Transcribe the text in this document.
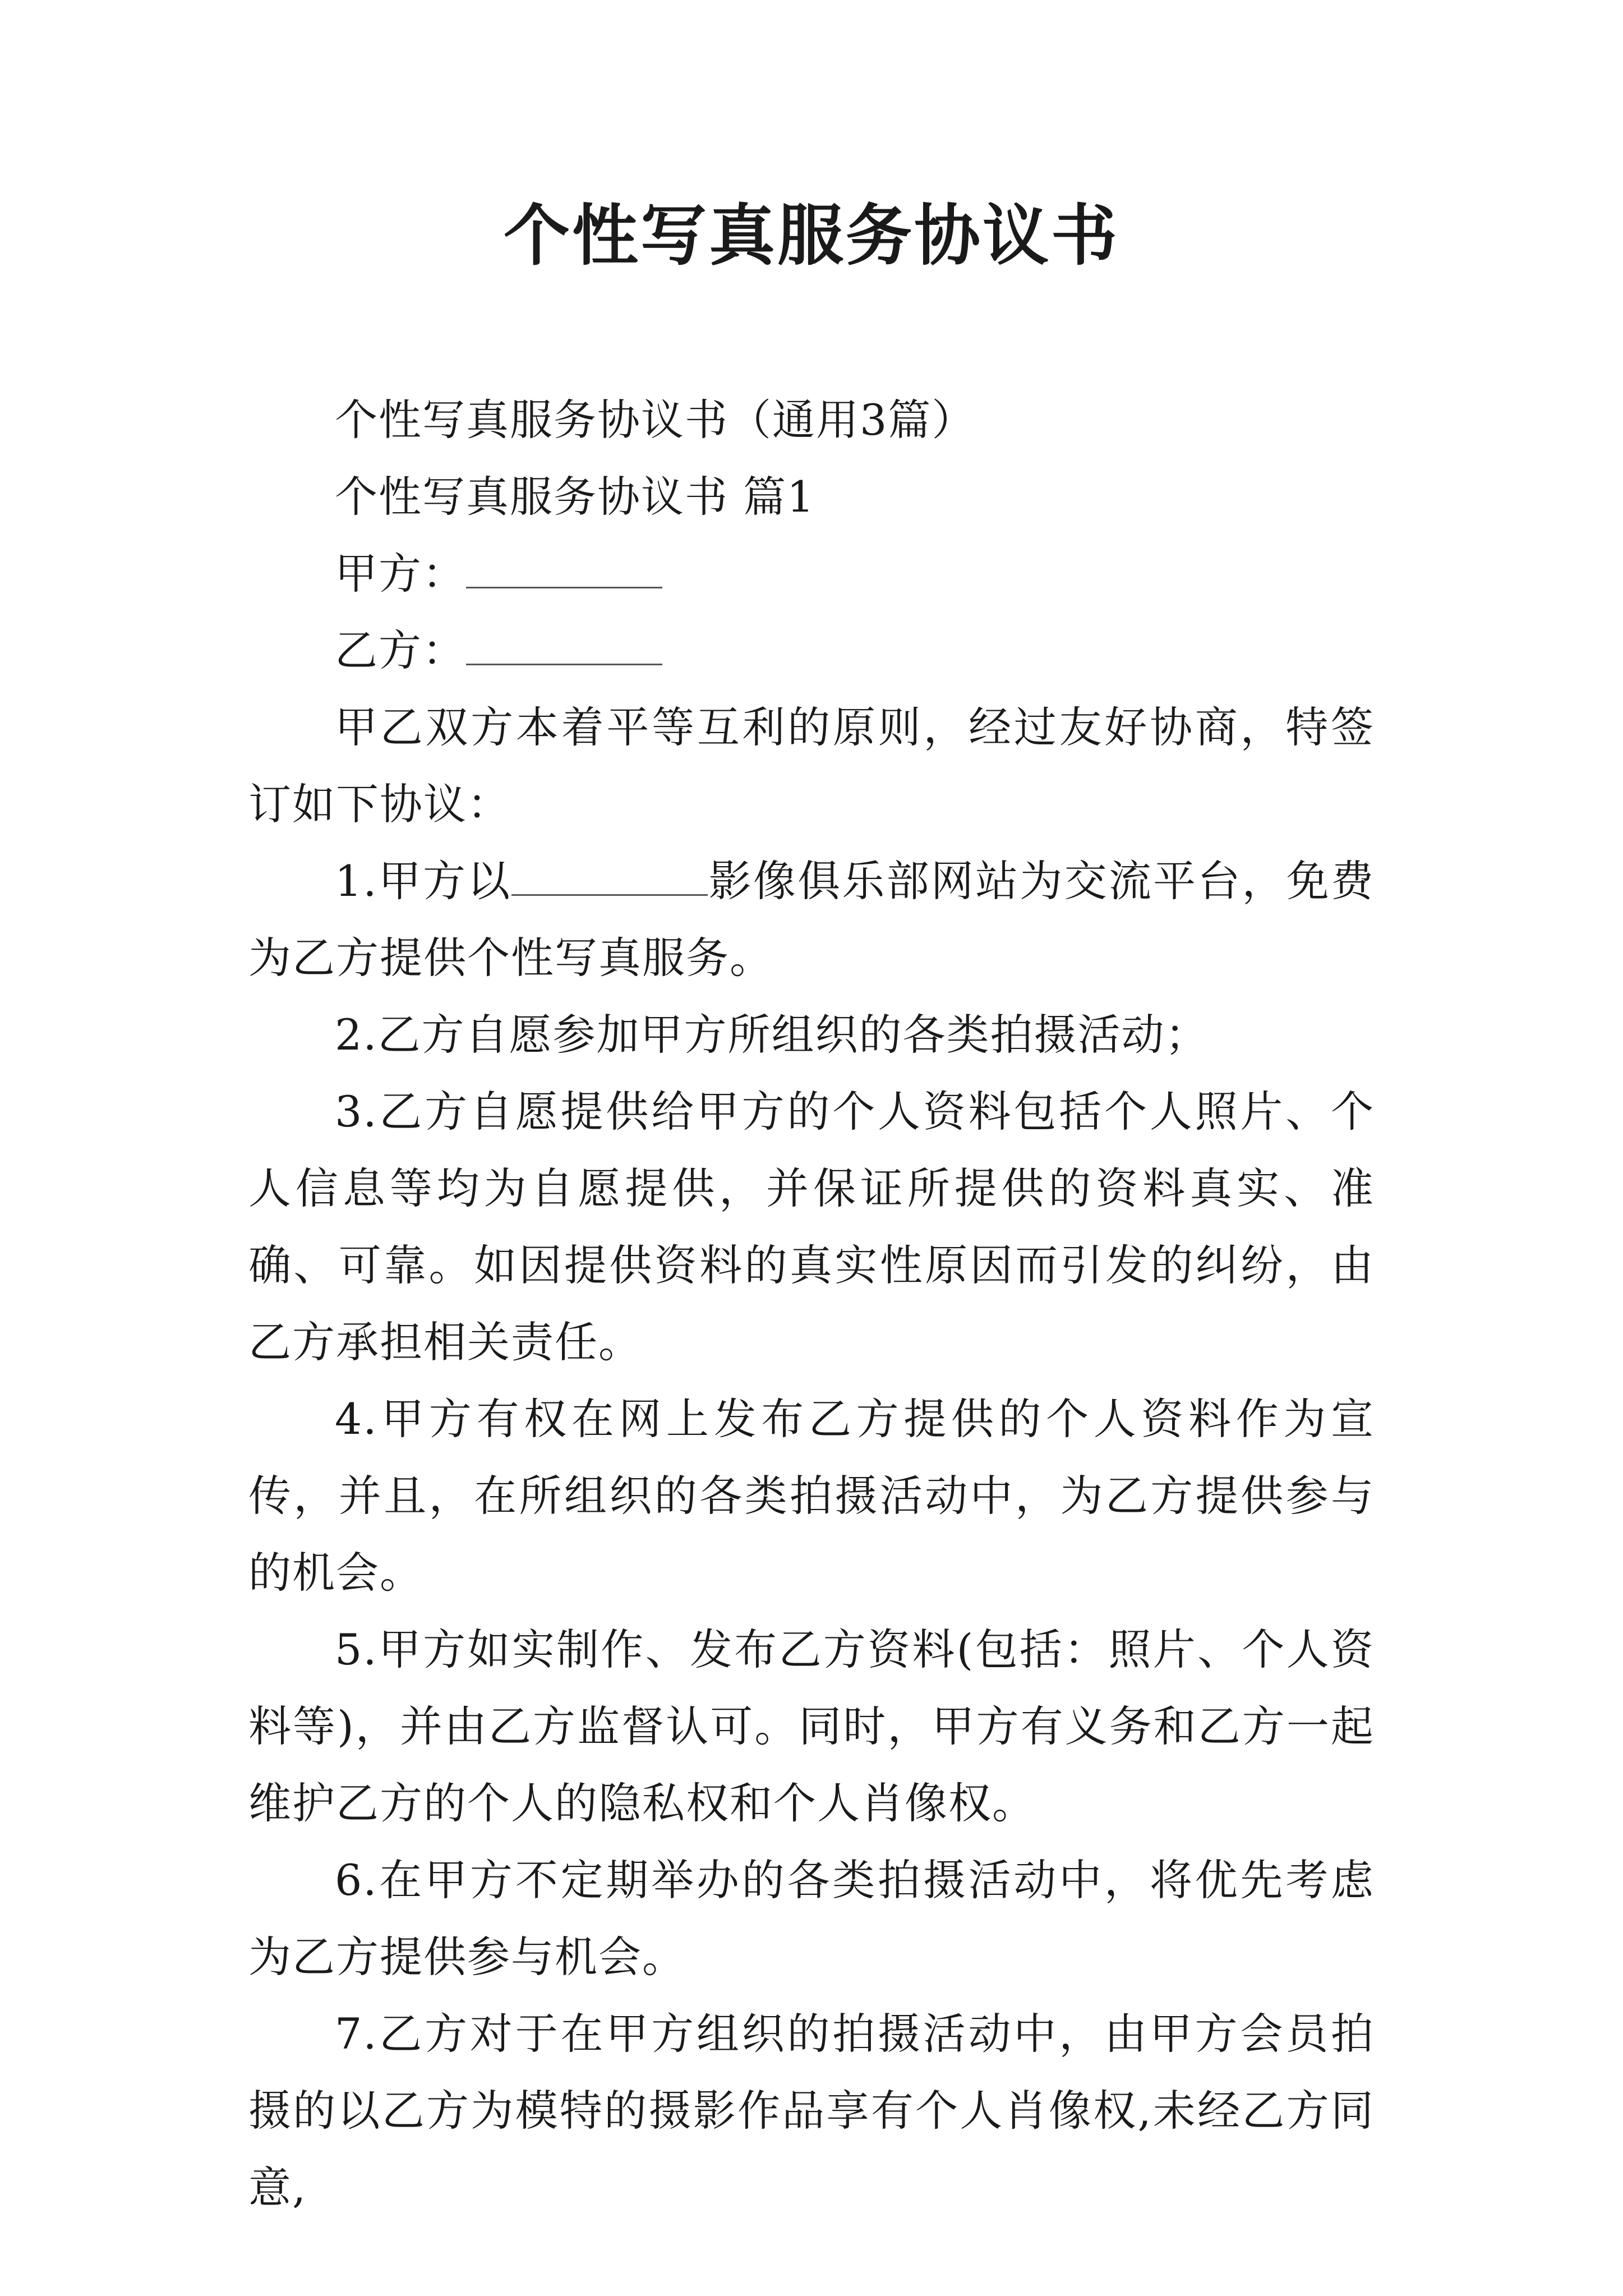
个性写真服务协议书

个性写真服务协议书（通用3篇）

个性写真服务协议书 篇1

甲方：

乙方：

甲乙双方本着平等互利的原则，经过友好协商，特签订如下协议：

1.甲方以	影像俱乐部网站为交流平台，免费为乙方提供个性写真服务。

2.乙方自愿参加甲方所组织的各类拍摄活动；

3.乙方自愿提供给甲方的个人资料包括个人照片、个人信息等均为自愿提供，并保证所提供的资料真实、准确、可靠。如因提供资料的真实性原因而引发的纠纷，由乙方承担相关责任。

4.甲方有权在网上发布乙方提供的个人资料作为宣传，并且，在所组织的各类拍摄活动中，为乙方提供参与的机会。

5.甲方如实制作、发布乙方资料(包括：照片、个人资料等)，并由乙方监督认可。同时，甲方有义务和乙方一起维护乙方的个人的隐私权和个人肖像权。

6.在甲方不定期举办的各类拍摄活动中，将优先考虑为乙方提供参与机会。

7.乙方对于在甲方组织的拍摄活动中，由甲方会员拍摄的以乙方为模特的摄影作品享有个人肖像权,未经乙方同意,
